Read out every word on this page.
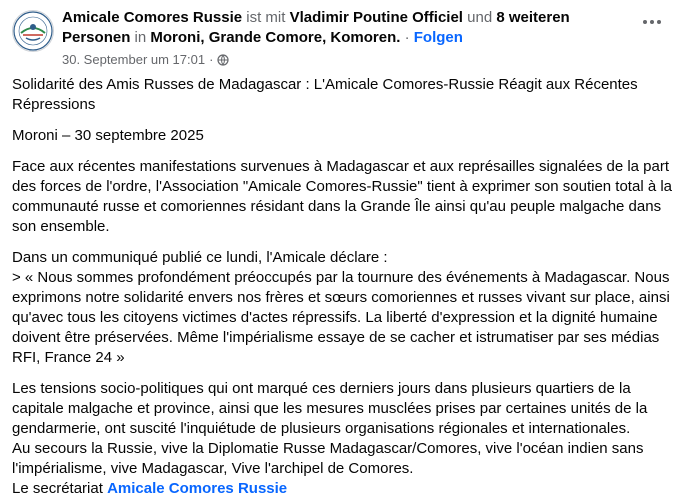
Amicale Comores Russie ist mit Vladimir Poutine Officiel und 8 weiteren Personen in Moroni, Grande Comore, Komoren. · Folgen
30. September um 17:01 ·

Solidarité des Amis Russes de Madagascar : L'Amicale Comores-Russie Réagit aux Récentes Répressions

Moroni – 30 septembre 2025

Face aux récentes manifestations survenues à Madagascar et aux représailles signalées de la part des forces de l'ordre, l'Association "Amicale Comores-Russie" tient à exprimer son soutien total à la communauté russe et comoriennes résidant dans la Grande Île ainsi qu'au peuple malgache dans son ensemble.

Dans un communiqué publié ce lundi, l'Amicale déclare :

> « Nous sommes profondément préoccupés par la tournure des événements à Madagascar. Nous exprimons notre solidarité envers nos frères et sœurs comoriennes et russes vivant sur place, ainsi qu'avec tous les citoyens victimes d'actes répressifs. La liberté d'expression et la dignité humaine doivent être préservées. Même l'impérialisme essaye de se cacher et istrumatiser par ses médias RFI, France 24 »

Les tensions socio-politiques qui ont marqué ces derniers jours dans plusieurs quartiers de la capitale malgache et province, ainsi que les mesures musclées prises par certaines unités de la gendarmerie, ont suscité l'inquiétude de plusieurs organisations régionales et internationales.

Au secours la Russie, vive la Diplomatie Russe Madagascar/Comores, vive l'océan indien sans l'impérialisme, vive Madagascar, Vive l'archipel de Comores.

Le secrétariat Amicale Comores Russie
